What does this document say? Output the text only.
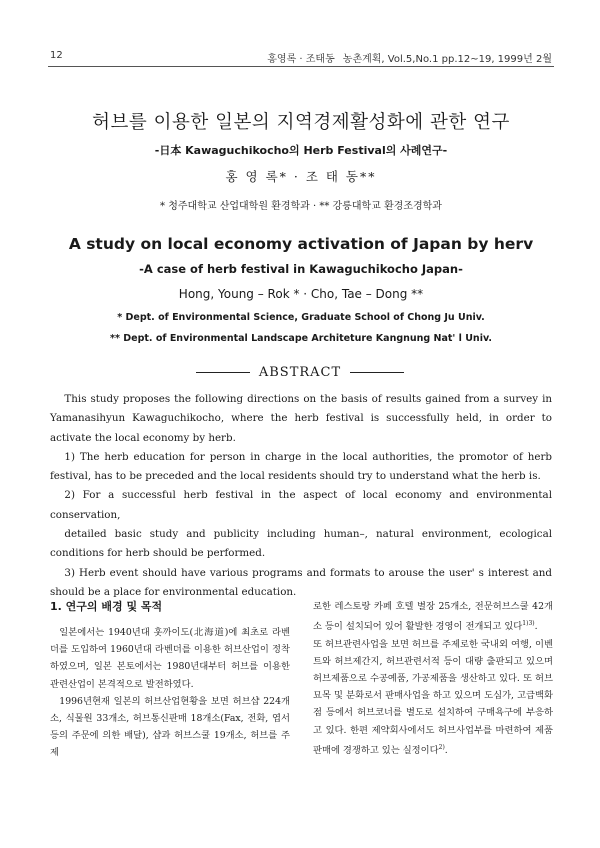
12	홍영록 · 조태동 농촌계획, Vol.5,No.1 pp.12~19, 1999년 2월
허브를 이용한 일본의 지역경제활성화에 관한 연구
-日本 Kawaguchikocho의 Herb Festival의 사례연구-
홍 영 록* · 조 태 동**
* 청주대학교 산업대학원 환경학과 · ** 강릉대학교 환경조경학과
A study on local economy activation of Japan by herv
-A case of herb festival in Kawaguchikocho Japan-
Hong, Young – Rok * · Cho, Tae – Dong **
* Dept. of Environmental Science, Graduate School of Chong Ju Univ.
** Dept. of Environmental Landscape Architeture Kangnung Nat' l Univ.
ABSTRACT

This study proposes the following directions on the basis of results gained from a survey in Yamanasihyun Kawaguchikocho, where the herb festival is successfully held, in order to activate the local economy by herb.

1) The herb education for person in charge in the local authorities, the promotor of herb festival, has to be preceded and the local residents should try to understand what the herb is.

2) For a successful herb festival in the aspect of local economy and environmental conservation,

detailed basic study and publicity including human–, natural environment, ecological conditions for herb should be performed.

3) Herb event should have various programs and formats to arouse the user' s interest and should be a place for environmental education.

1. 연구의 배경 및 목적

일본에서는 1940년대 훗까이도(北海道)에 최초로 라벤더를 도입하여 1960년대 라벤더를 이용한 허브산업이 정착하였으며, 일본 본토에서는 1980년대부터 허브를 이용한 관련산업이 본격적으로 발전하였다.

1996년현재 일본의 허브산업현황을 보면 허브샵 224개소, 식물원 33개소, 허브통신판매 18개소(Fax, 전화, 엽서 등의 주문에 의한 배달), 샵과 허브스쿨 19개소, 허브를 주제

로한 레스토랑 카페 호텔 별장 25개소, 전문허브스쿨 42개소 등이 설치되어 있어 활발한 경영이 전개되고 있다$^{1)3)}$.

또 허브관련사업을 보면 허브를 주제로한 국내외 여행, 이벤트와 허브제간지, 허브관련서적 등이 대량 출판되고 있으며 허브제품으로 수공예품, 가공제품을 생산하고 있다. 또 허브묘목 및 분화로서 판매사업을 하고 있으며 도심가, 고급백화점 등에서 허브코너를 별도로 설치하여 구매욕구에 부응하고 있다. 한편 제약회사에서도 허브사업부를 마련하여 제품판매에 경쟁하고 있는 실정이다$^{2)}$.
